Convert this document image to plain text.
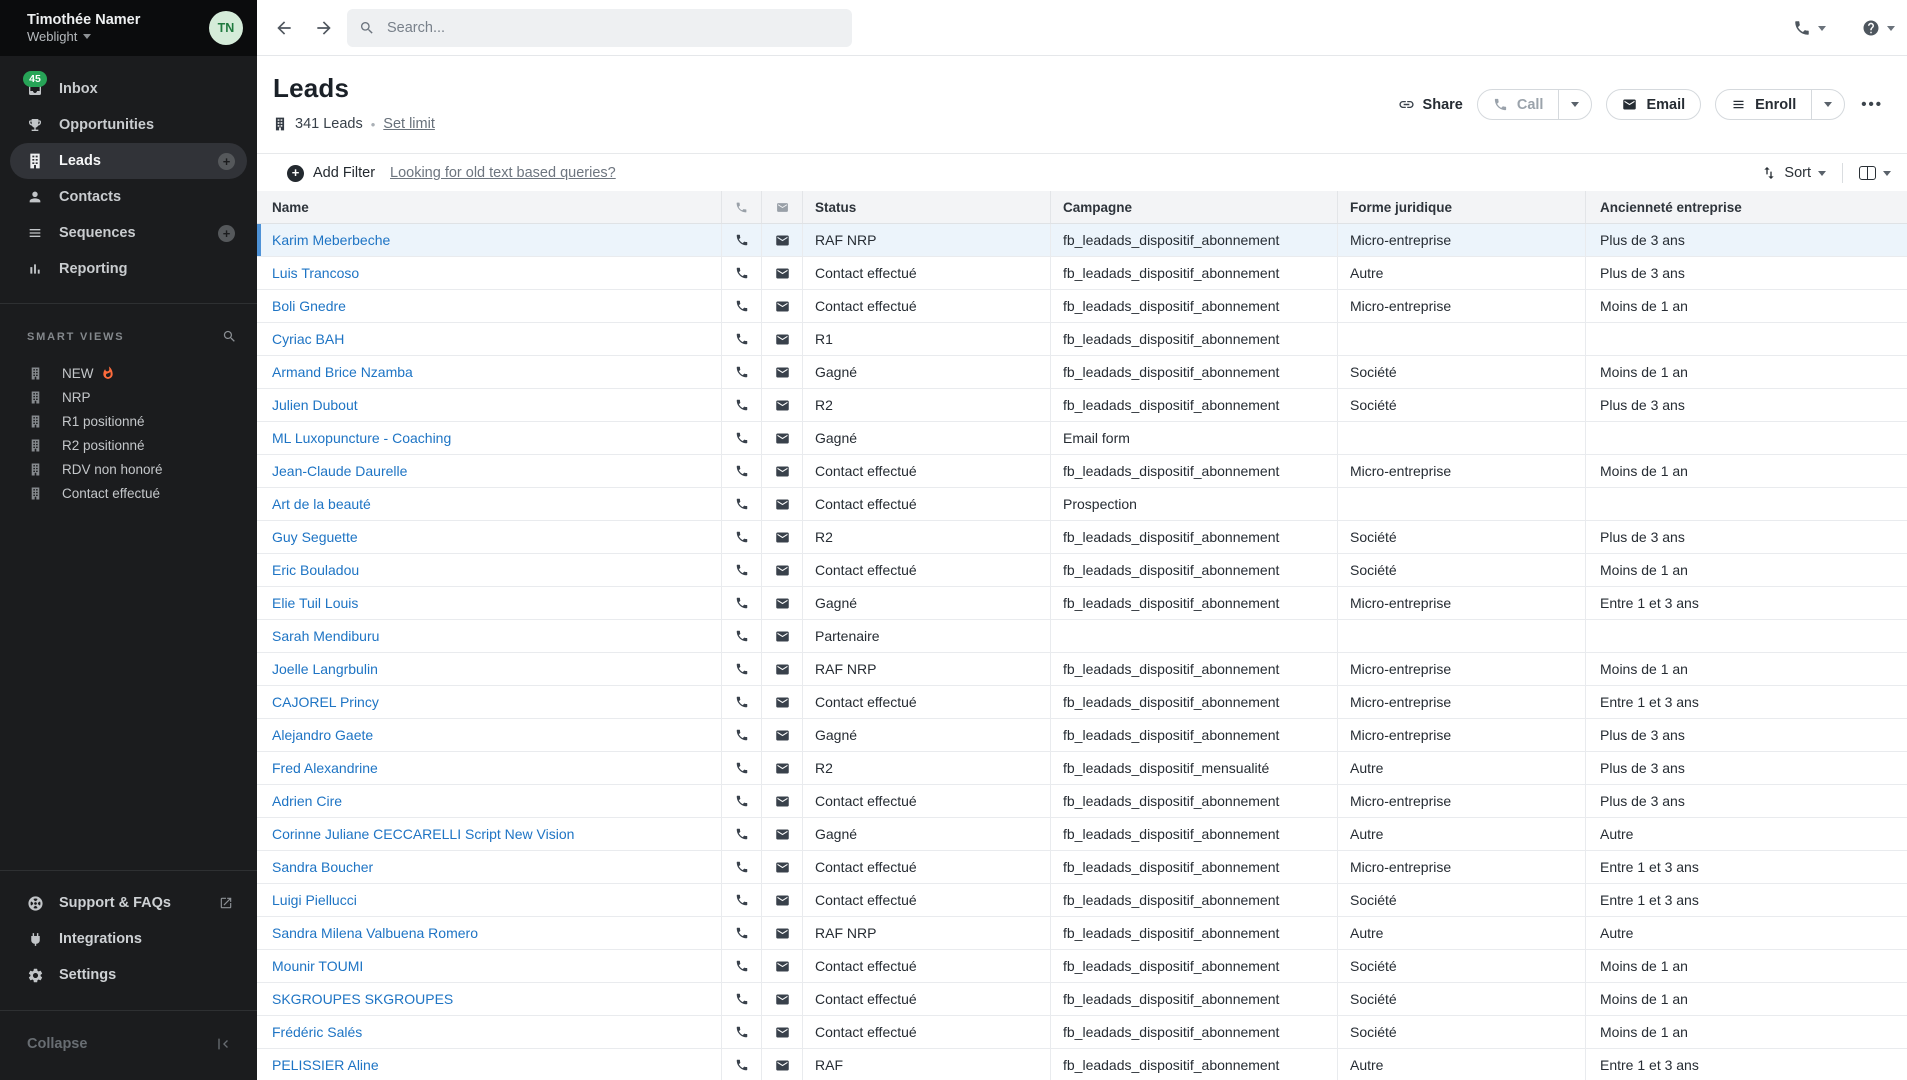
Timothée Namer
Weblight
TN
45
Inbox
Opportunities
Leads	+
Contacts
Sequences	+
Reporting
SMART VIEWS
NEW
NRP
R1 positionné
R2 positionné
RDV non honoré
Contact effectué
Support & FAQs
Integrations
Settings
Collapse
Search...
Leads
341 Leads • Set limit
Share	Call	Email	Enroll	•••
+ Add Filter Looking for old text based queries?	Sort
Name	Status	Campagne	Forme juridique	Ancienneté entreprise
Karim Meberbeche	RAF NRP	fb_leadads_dispositif_abonnement	Micro-entreprise	Plus de 3 ans
Luis Trancoso	Contact effectué	fb_leadads_dispositif_abonnement	Autre	Plus de 3 ans
Boli Gnedre	Contact effectué	fb_leadads_dispositif_abonnement	Micro-entreprise	Moins de 1 an
Cyriac BAH	R1	fb_leadads_dispositif_abonnement
Armand Brice Nzamba	Gagné	fb_leadads_dispositif_abonnement	Société	Moins de 1 an
Julien Dubout	R2	fb_leadads_dispositif_abonnement	Société	Plus de 3 ans
ML Luxopuncture - Coaching	Gagné	Email form
Jean-Claude Daurelle	Contact effectué	fb_leadads_dispositif_abonnement	Micro-entreprise	Moins de 1 an
Art de la beauté	Contact effectué	Prospection
Guy Seguette	R2	fb_leadads_dispositif_abonnement	Société	Plus de 3 ans
Eric Bouladou	Contact effectué	fb_leadads_dispositif_abonnement	Société	Moins de 1 an
Elie Tuil Louis	Gagné	fb_leadads_dispositif_abonnement	Micro-entreprise	Entre 1 et 3 ans
Sarah Mendiburu	Partenaire
Joelle Langrbulin	RAF NRP	fb_leadads_dispositif_abonnement	Micro-entreprise	Moins de 1 an
CAJOREL Princy	Contact effectué	fb_leadads_dispositif_abonnement	Micro-entreprise	Entre 1 et 3 ans
Alejandro Gaete	Gagné	fb_leadads_dispositif_abonnement	Micro-entreprise	Plus de 3 ans
Fred Alexandrine	R2	fb_leadads_dispositif_mensualité	Autre	Plus de 3 ans
Adrien Cire	Contact effectué	fb_leadads_dispositif_abonnement	Micro-entreprise	Plus de 3 ans
Corinne Juliane CECCARELLI Script New Vision	Gagné	fb_leadads_dispositif_abonnement	Autre	Autre
Sandra Boucher	Contact effectué	fb_leadads_dispositif_abonnement	Micro-entreprise	Entre 1 et 3 ans
Luigi Piellucci	Contact effectué	fb_leadads_dispositif_abonnement	Société	Entre 1 et 3 ans
Sandra Milena Valbuena Romero	RAF NRP	fb_leadads_dispositif_abonnement	Autre	Autre
Mounir TOUMI	Contact effectué	fb_leadads_dispositif_abonnement	Société	Moins de 1 an
SKGROUPES SKGROUPES	Contact effectué	fb_leadads_dispositif_abonnement	Société	Moins de 1 an
Frédéric Salés	Contact effectué	fb_leadads_dispositif_abonnement	Société	Moins de 1 an
PELISSIER Aline	RAF	fb_leadads_dispositif_abonnement	Autre	Entre 1 et 3 ans
